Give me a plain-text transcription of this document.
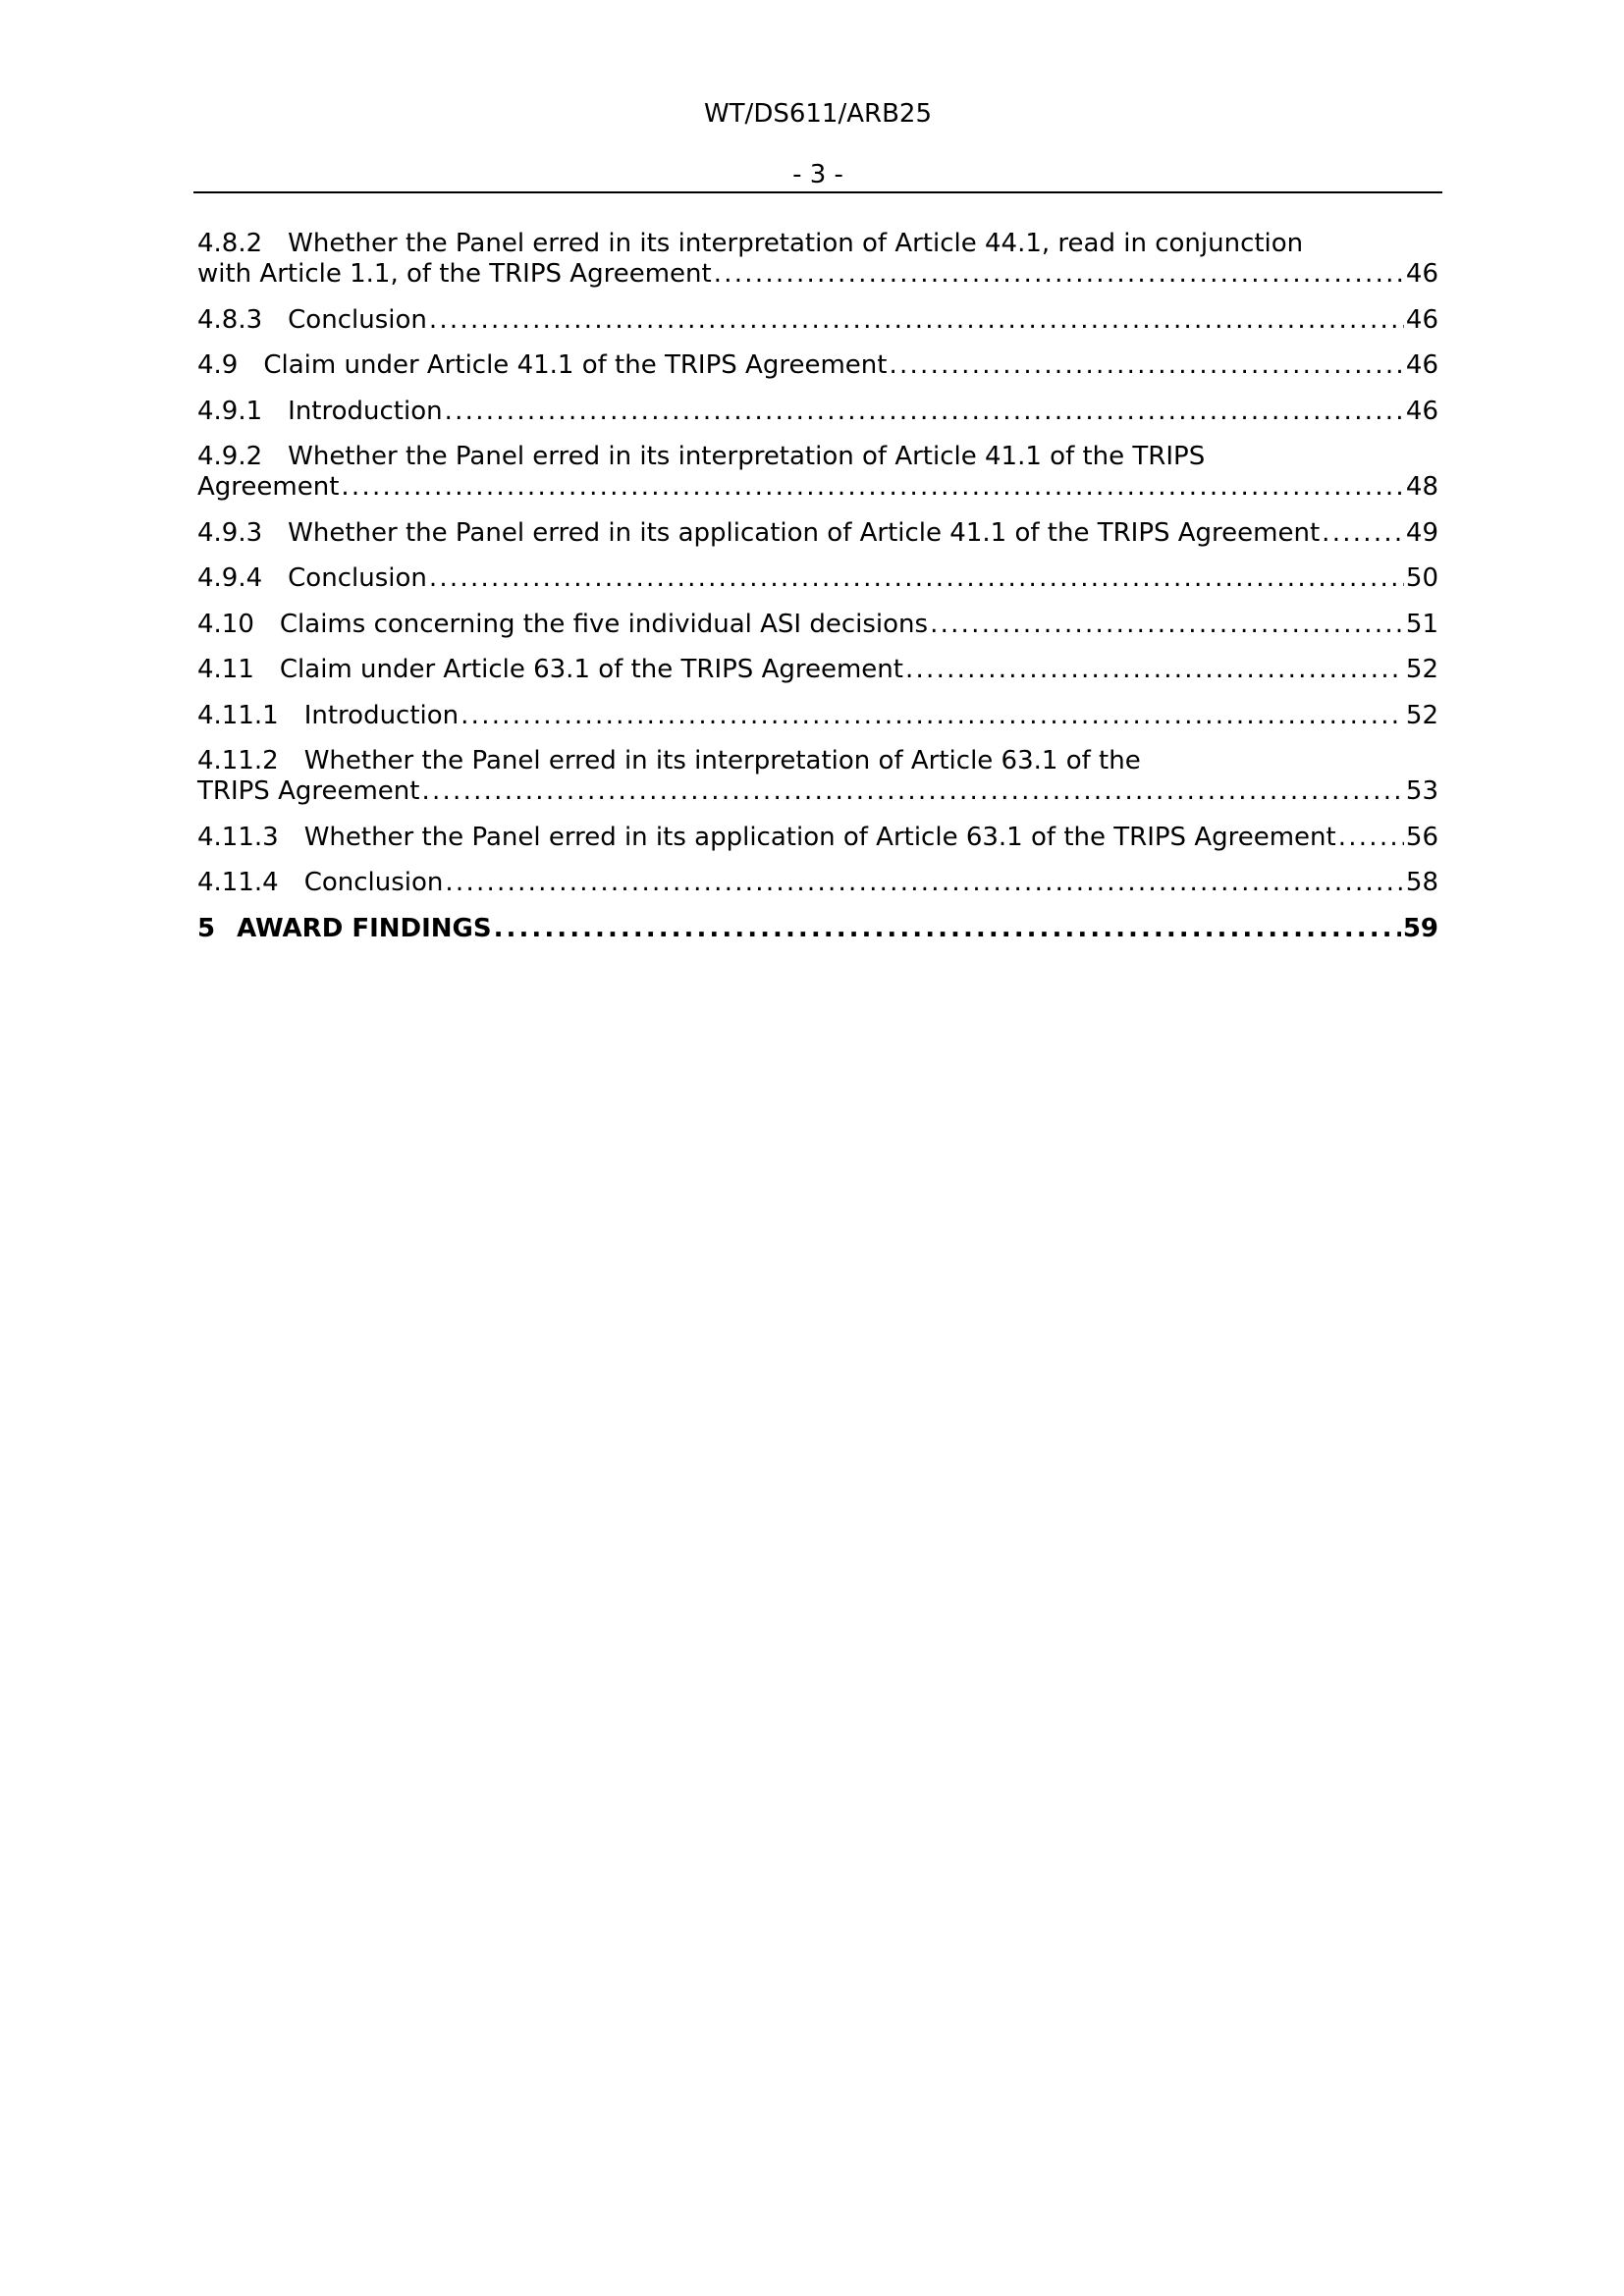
WT/DS611/ARB25
- 3 -
4.8.2 Whether the Panel erred in its interpretation of Article 44.1, read in conjunction
with Article 1.1, of the TRIPS Agreement . . .	46
4.8.3 Conclusion . . .	46
4.9 Claim under Article 41.1 of the TRIPS Agreement . . .	46
4.9.1 Introduction . . .	46
4.9.2 Whether the Panel erred in its interpretation of Article 41.1 of the TRIPS
Agreement . . .	48
4.9.3 Whether the Panel erred in its application of Article 41.1 of the TRIPS Agreement . . .	49
4.9.4 Conclusion . . .	50
4.10 Claims concerning the five individual ASI decisions . . .	51
4.11 Claim under Article 63.1 of the TRIPS Agreement . . .	52
4.11.1 Introduction . . .	52
4.11.2 Whether the Panel erred in its interpretation of Article 63.1 of the
TRIPS Agreement . . .	53
4.11.3 Whether the Panel erred in its application of Article 63.1 of the TRIPS Agreement . . .	56
4.11.4 Conclusion . . .	58
5 AWARD FINDINGS . . .	59
